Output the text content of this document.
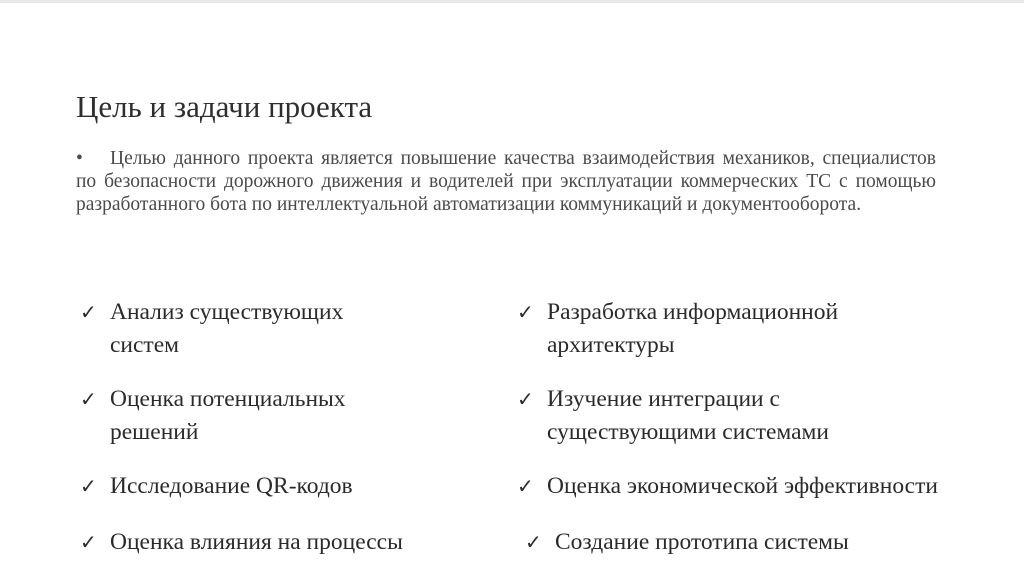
Цель и задачи проекта

• Целью данного проекта является повышение качества взаимодействия механиков, специалистов по безопасности дорожного движения и водителей при эксплуатации коммерческих ТС с помощью разработанного бота по интеллектуальной автоматизации коммуникаций и документооборота.

✓ Анализ существующих
систем
✓ Оценка потенциальных
решений
✓ Исследование QR-кодов
✓ Оценка влияния на процессы
✓ Разработка информационной
архитектуры
✓ Изучение интеграции с
существующими системами
✓ Оценка экономической эффективности
✓ Создание прототипа системы
